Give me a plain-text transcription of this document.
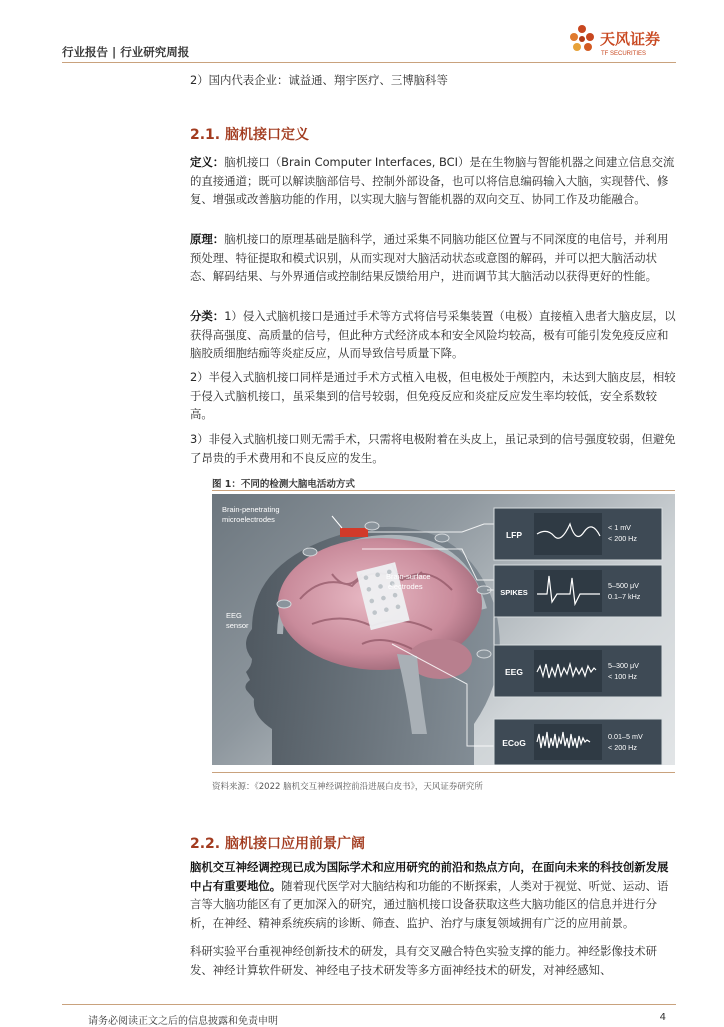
行业报告 | 行业研究周报
天风证券
TF SECURITIES

2）国内代表企业：诚益通、翔宇医疗、三博脑科等

2.1. 脑机接口定义

定义：脑机接口（Brain Computer Interfaces, BCI）是在生物脑与智能机器之间建立信息交流的直接通道；既可以解读脑部信号、控制外部设备，也可以将信息编码输入大脑，实现替代、修复、增强或改善脑功能的作用，以实现大脑与智能机器的双向交互、协同工作及功能融合。

原理：脑机接口的原理基础是脑科学，通过采集不同脑功能区位置与不同深度的电信号，并利用预处理、特征提取和模式识别，从而实现对大脑活动状态或意图的解码，并可以把大脑活动状态、解码结果、与外界通信或控制结果反馈给用户，进而调节其大脑活动以获得更好的性能。

分类：1）侵入式脑机接口是通过手术等方式将信号采集装置（电极）直接植入患者大脑皮层，以获得高强度、高质量的信号，但此种方式经济成本和安全风险均较高，极有可能引发免疫反应和脑胶质细胞结痂等炎症反应，从而导致信号质量下降。

2）半侵入式脑机接口同样是通过手术方式植入电极，但电极处于颅腔内，未达到大脑皮层，相较于侵入式脑机接口，虽采集到的信号较弱，但免疫反应和炎症反应发生率均较低，安全系数较高。

3）非侵入式脑机接口则无需手术，只需将电极附着在头皮上，虽记录到的信号强度较弱，但避免了昂贵的手术费用和不良反应的发生。

图 1：不同的检测大脑电活动方式
Brain-penetrating
microelectrodes
Brain-surface
electrodes
EEG
sensor
LFP
SPIKES
EEG
ECoG
< 1 mV
< 200 Hz
5–500 μV
0.1–7 kHz
5–300 μV
< 100 Hz
0.01–5 mV
< 200 Hz
资料来源：《2022 脑机交互神经调控前沿进展白皮书》，天风证券研究所
2.2. 脑机接口应用前景广阔

脑机交互神经调控现已成为国际学术和应用研究的前沿和热点方向，在面向未来的科技创新发展中占有重要地位。随着现代医学对大脑结构和功能的不断探索，人类对于视觉、听觉、运动、语言等大脑功能区有了更加深入的研究，通过脑机接口设备获取这些大脑功能区的信息并进行分析，在神经、精神系统疾病的诊断、筛查、监护、治疗与康复领域拥有广泛的应用前景。

科研实验平台重视神经创新技术的研发，具有交叉融合特色实验支撑的能力。神经影像技术研发、神经计算软件研发、神经电子技术研发等多方面神经技术的研发，对神经感知、

请务必阅读正文之后的信息披露和免责申明	4
